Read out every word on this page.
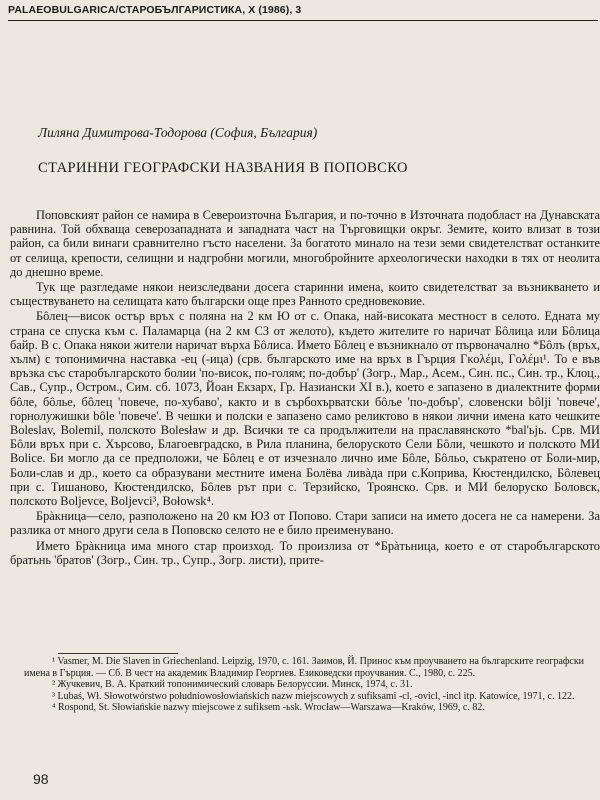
PALAEOBULGARICA/СТАРОБЪЛГАРИСТИКА, X (1986), 3
Лиляна Димитрова-Тодорова (София, България)
СТАРИННИ ГЕОГРАФСКИ НАЗВАНИЯ В ПОПОВСКО

Поповският район се намира в Североизточна България, и по-точно в Източната подобласт на Дунавската равнина. Той обхваща северозападната и западната част на Търговищки окръг. Земите, които влизат в този район, са били винаги сравнително гъсто населени. За богатото минало на тези земи свидетелстват останките от селища, крепости, селищни и надгробни могили, многобройните археологически находки в тях от неолита до днешно време.

Тук ще разгледаме някои неизследвани досега старинни имена, които свидетелстват за възникването и съществуването на селищата като български още през Ранното средновековие.

Бôлец—висок остър връх с поляна на 2 км Ю от с. Опака, най-високата местност в селото. Едната му страна се спуска към с. Паламарца (на 2 км СЗ от желото), където жителите го наричат Бôлица или Бôлица байр. В с. Опака някои жители наричат върха Бôлиса. Името Бôлец е възникнало от първоначално *Бôлъ (връх, хълм) с топонимична наставка -ец (-ица) (срв. българското име на връх в Гърция Γκολέμι, Γολέμι¹. То е във връзка със старобългарското болии 'по-висок, по-голям; по-добър' (Зогр., Мар., Асем., Син. пс., Син. тр., Клоц., Сав., Супр., Остром., Сим. сб. 1073, Йоан Екзарх, Гр. Назиански XI в.), което е запазено в диалектните форми бôле, бôлье, бôлец 'повече, по-хубаво', както и в сърбохърватски бôље 'по-добър', словенски bôlji 'повече', горнолужишки bôle 'повече'. В чешки и полски е запазено само реликтово в някои лични имена като чешките Boleslav, Bolemil, полското Bolesław и др. Всички те са продължители на праславянското *bal'ьjь. Срв. МИ Бôли връх при с. Хърсово, Благоевградско, в Рила планина, белоруското Сели Бôли, чешкото и полското МИ Bolice. Би могло да се предположи, че Бôлец е от изчезнало лично име Бôле, Бôльо, съкратено от Боли-мир, Боли-слав и др., което са образувани местните имена Болёва ливàда при с.Коприва, Кюстендилско, Бôлевец при с. Тишаново, Кюстендилско, Бôлев рът при с. Терзийско, Троянско. Срв. и МИ белоруско Боловск, полското Boljevce, Boljevci³, Bołowsk⁴.

Брàкница—село, разположено на 20 км ЮЗ от Попово. Стари записи на името досега не са намерени. За разлика от много други села в Поповско селото не е било преименувано.

Името Брàкница има много стар произход. То произлиза от *Брàтьница, което е от старобългарското братьнь 'братов' (Зогр., Син. тр., Супр., Зогр. листи), прите-

¹ Vasmer, M. Die Slaven in Griechenland. Leipzig, 1970, с. 161. Заимов, Й. Принос към проучването на българските географски имена в Гърция. — Сб. В чест на академик Владимир Георгиев. Езиковедски проучвания. С., 1980, с. 225.

² Жучкевич, В. А. Краткий топонимический словарь Белоруссии. Минск, 1974, с. 31.

³ Lubaś, Wł. Słowotwórstwo południowosłowiańskich nazw miejscowych z sufiksami -cl, -ovicl, -incl itp. Katowice, 1971, с. 122.

⁴ Rospond, St. Słowiańskie nazwy miejscowe z sufiksem -ьsk. Wrocław—Warszawa—Kraków, 1969, с. 82.

98
